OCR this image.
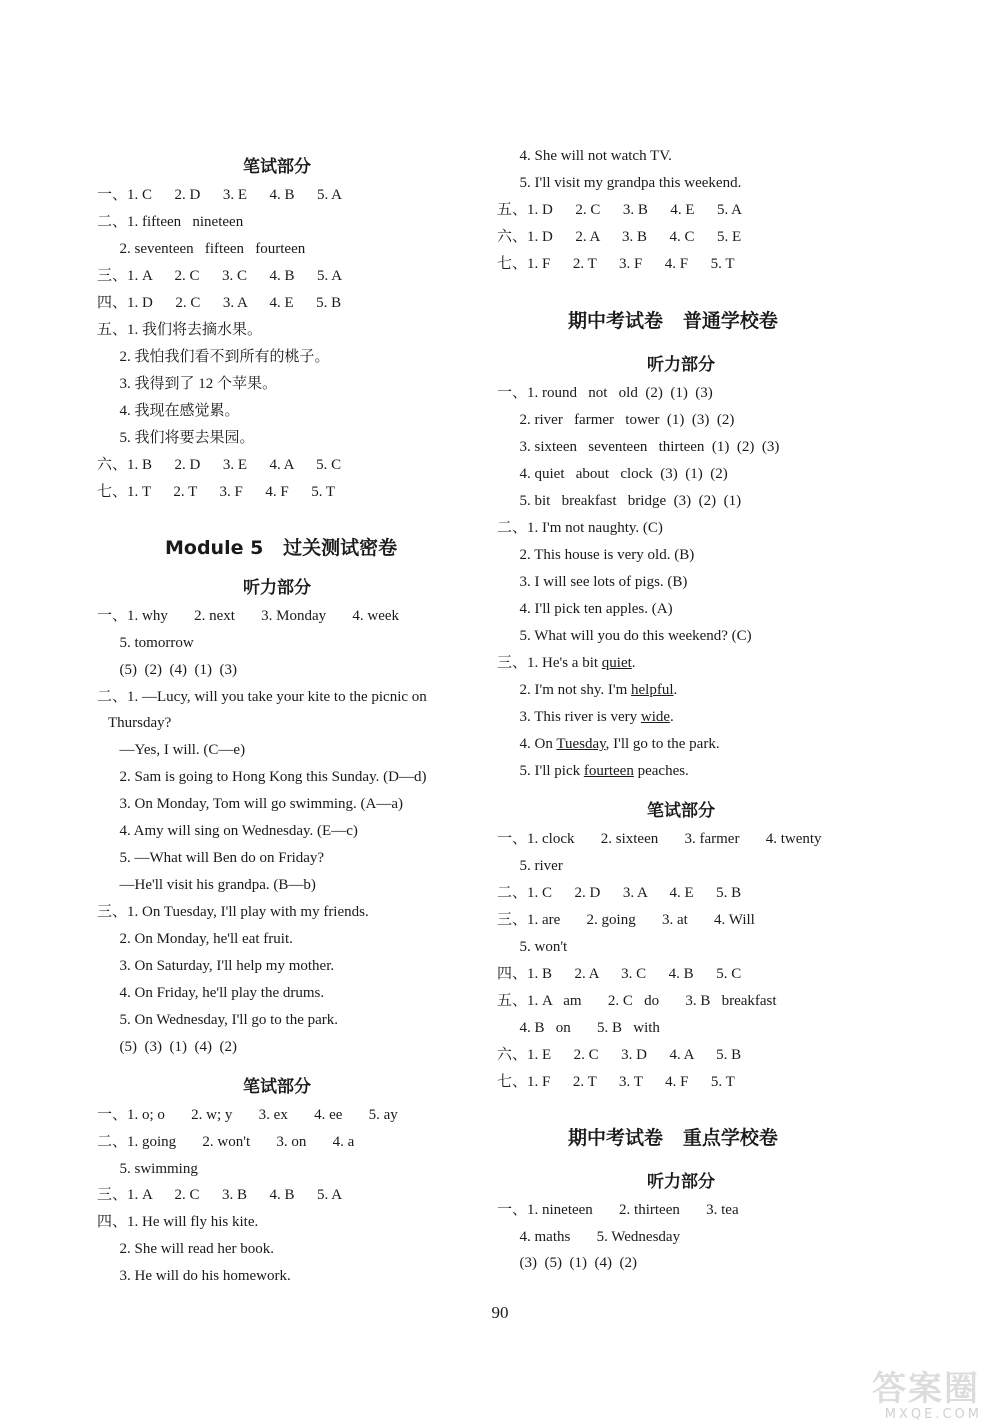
笔试部分
一、1. C      2. D      3. E      4. B      5. A
二、1. fifteen   nineteen
2. seventeen   fifteen   fourteen
三、1. A      2. C      3. C      4. B      5. A
四、1. D      2. C      3. A      4. E      5. B
五、1. 我们将去摘水果。
2. 我怕我们看不到所有的桃子。
3. 我得到了 12 个苹果。
4. 我现在感觉累。
5. 我们将要去果园。
六、1. B      2. D      3. E      4. A      5. C
七、1. T      2. T      3. F      4. F      5. T
Module 5   过关测试密卷
听力部分
一、1. why       2. next       3. Monday       4. week
5. tomorrow
(5)  (2)  (4)  (1)  (3)
二、1. —Lucy, will you take your kite to the picnic on
Thursday?
—Yes, I will. (C—e)
2. Sam is going to Hong Kong this Sunday. (D—d)
3. On Monday, Tom will go swimming. (A—a)
4. Amy will sing on Wednesday. (E—c)
5. —What will Ben do on Friday?
—He'll visit his grandpa. (B—b)
三、1. On Tuesday, I'll play with my friends.
2. On Monday, he'll eat fruit.
3. On Saturday, I'll help my mother.
4. On Friday, he'll play the drums.
5. On Wednesday, I'll go to the park.
(5)  (3)  (1)  (4)  (2)
笔试部分
一、1. o; o       2. w; y       3. ex       4. ee       5. ay
二、1. going       2. won't       3. on       4. a
5. swimming
三、1. A      2. C      3. B      4. B      5. A
四、1. He will fly his kite.
2. She will read her book.
3. He will do his homework.
4. She will not watch TV.
5. I'll visit my grandpa this weekend.
五、1. D      2. C      3. B      4. E      5. A
六、1. D      2. A      3. B      4. C      5. E
七、1. F      2. T      3. F      4. F      5. T
期中考试卷   普通学校卷
听力部分
一、1. round   not   old  (2)  (1)  (3)
2. river   farmer   tower  (1)  (3)  (2)
3. sixteen   seventeen   thirteen  (1)  (2)  (3)
4. quiet   about   clock  (3)  (1)  (2)
5. bit   breakfast   bridge  (3)  (2)  (1)
二、1. I'm not naughty. (C)
2. This house is very old. (B)
3. I will see lots of pigs. (B)
4. I'll pick ten apples. (A)
5. What will you do this weekend? (C)
三、1. He's a bit quiet.
2. I'm not shy. I'm helpful.
3. This river is very wide.
4. On Tuesday, I'll go to the park.
5. I'll pick fourteen peaches.
笔试部分
一、1. clock       2. sixteen       3. farmer       4. twenty
5. river
二、1. C      2. D      3. A      4. E      5. B
三、1. are       2. going       3. at       4. Will
5. won't
四、1. B      2. A      3. C      4. B      5. C
五、1. A   am       2. C   do       3. B   breakfast
4. B   on       5. B   with
六、1. E      2. C      3. D      4. A      5. B
七、1. F      2. T      3. T      4. F      5. T
期中考试卷   重点学校卷
听力部分
一、1. nineteen       2. thirteen       3. tea
4. maths       5. Wednesday
(3)  (5)  (1)  (4)  (2)
90
答案圈
MXQE.COM
